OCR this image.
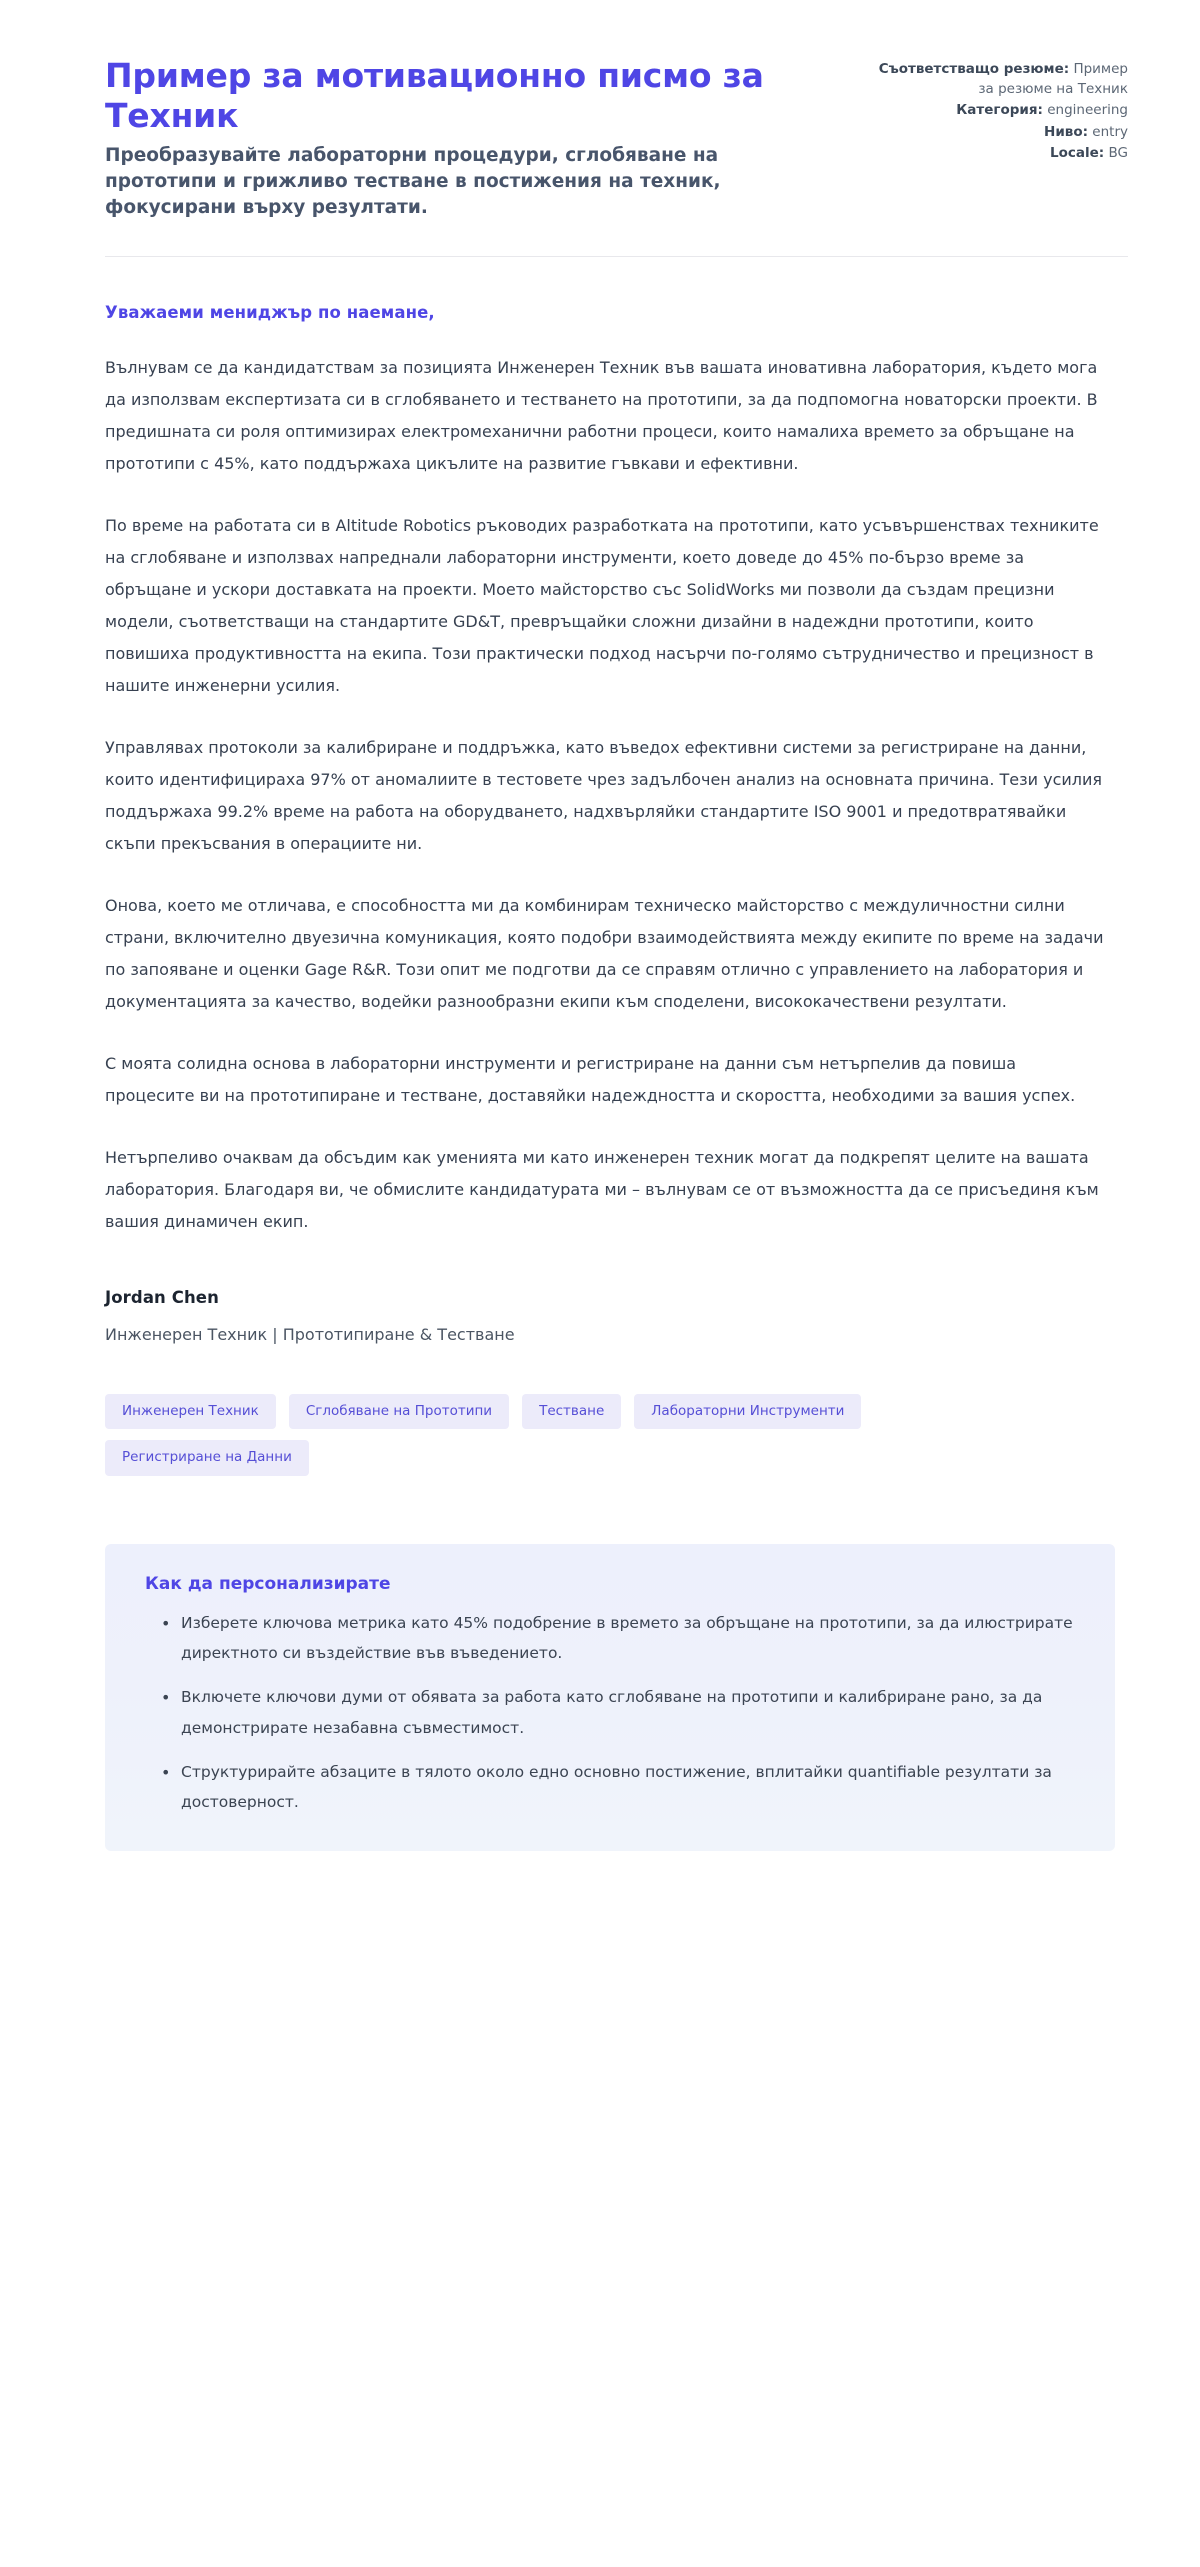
Пример за мотивационно писмо за Техник

Преобразувайте лабораторни процедури, сглобяване на прототипи и грижливо тестване в постижения на техник, фокусирани върху резултати.

Съответстващо резюме: Пример за резюме на Техник
Категория: engineering
Ниво: entry
Locale: BG

Уважаеми мениджър по наемане,

Вълнувам се да кандидатствам за позицията Инженерен Техник във вашата иновативна лаборатория, където мога да използвам експертизата си в сглобяването и тестването на прототипи, за да подпомогна новаторски проекти. В предишната си роля оптимизирах електромеханични работни процеси, които намалиха времето за обръщане на прототипи с 45%, като поддържаха цикълите на развитие гъвкави и ефективни.

По време на работата си в Altitude Robotics ръководих разработката на прототипи, като усъвършенствах техниките на сглобяване и използвах напреднали лабораторни инструменти, което доведе до 45% по-бързо време за обръщане и ускори доставката на проекти. Моето майсторство със SolidWorks ми позволи да създам прецизни модели, съответстващи на стандартите GD&T, превръщайки сложни дизайни в надеждни прототипи, които повишиха продуктивността на екипа. Този практически подход насърчи по-голямо сътрудничество и прецизност в нашите инженерни усилия.

Управлявах протоколи за калибриране и поддръжка, като въведох ефективни системи за регистриране на данни, които идентифицираха 97% от аномалиите в тестовете чрез задълбочен анализ на основната причина. Тези усилия поддържаха 99.2% време на работа на оборудването, надхвърляйки стандартите ISO 9001 и предотвратявайки скъпи прекъсвания в операциите ни.

Онова, което ме отличава, е способността ми да комбинирам техническо майсторство с междуличностни силни страни, включително двуезична комуникация, която подобри взаимодействията между екипите по време на задачи по запояване и оценки Gage R&R. Този опит ме подготви да се справям отлично с управлението на лаборатория и документацията за качество, водейки разнообразни екипи към споделени, висококачествени резултати.

С моята солидна основа в лабораторни инструменти и регистриране на данни съм нетърпелив да повиша процесите ви на прототипиране и тестване, доставяйки надеждността и скоростта, необходими за вашия успех.

Нетърпеливо очаквам да обсъдим как уменията ми като инженерен техник могат да подкрепят целите на вашата лаборатория. Благодаря ви, че обмислите кандидатурата ми – вълнувам се от възможността да се присъединя към вашия динамичен екип.

Jordan Chen

Инженерен Техник | Прототипиране & Тестване

Инженерен Техник	Сглобяване на Прототипи	Тестване	Лабораторни Инструменти
Регистриране на Данни

Как да персонализирате

• Изберете ключова метрика като 45% подобрение в времето за обръщане на прототипи, за да илюстрирате директното си въздействие във въведението.
• Включете ключови думи от обявата за работа като сглобяване на прототипи и калибриране рано, за да демонстрирате незабавна съвместимост.
• Структурирайте абзаците в тялото около едно основно постижение, вплитайки quantifiable резултати за достоверност.
